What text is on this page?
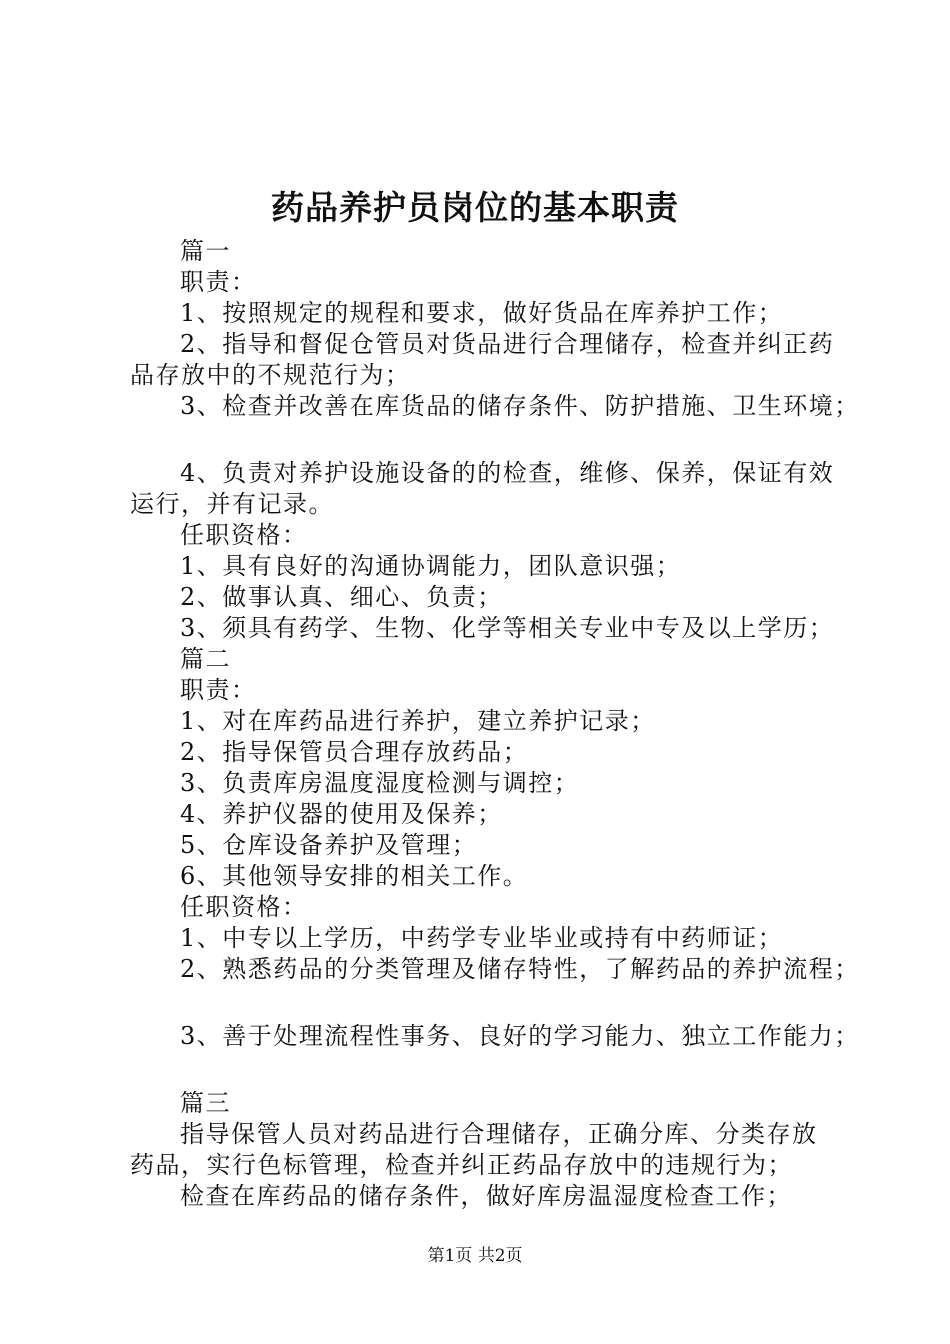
药品养护员岗位的基本职责
篇一
职责：
1、按照规定的规程和要求，做好货品在库养护工作；
2、指导和督促仓管员对货品进行合理储存，检查并纠正药
品存放中的不规范行为；
3、检查并改善在库货品的储存条件、防护措施、卫生环境；
4、负责对养护设施设备的的检查，维修、保养，保证有效
运行，并有记录。
任职资格：
1、具有良好的沟通协调能力，团队意识强；
2、做事认真、细心、负责；
3、须具有药学、生物、化学等相关专业中专及以上学历；
篇二
职责：
1、对在库药品进行养护，建立养护记录；
2、指导保管员合理存放药品；
3、负责库房温度湿度检测与调控；
4、养护仪器的使用及保养；
5、仓库设备养护及管理；
6、其他领导安排的相关工作。
任职资格：
1、中专以上学历，中药学专业毕业或持有中药师证；
2、熟悉药品的分类管理及储存特性，了解药品的养护流程；
3、善于处理流程性事务、良好的学习能力、独立工作能力；
篇三
指导保管人员对药品进行合理储存，正确分库、分类存放
药品，实行色标管理，检查并纠正药品存放中的违规行为；
检查在库药品的储存条件，做好库房温湿度检查工作；
第1页 共2页
